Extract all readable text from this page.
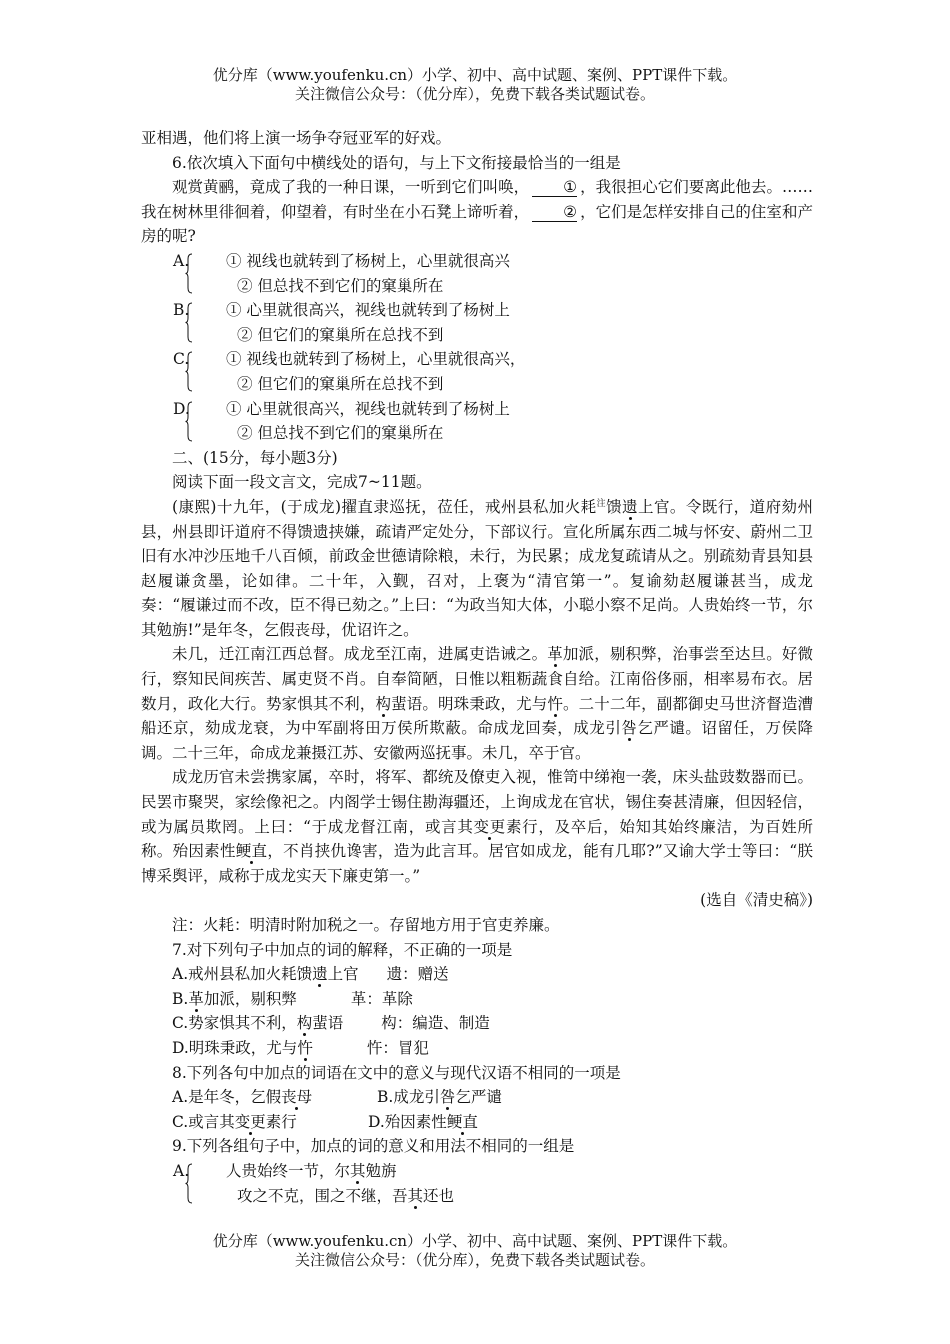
优分库（www.youfenku.cn）小学、初中、高中试题、案例、PPT课件下载。
关注微信公众号：（优分库），免费下载各类试题试卷。

亚相遇，他们将上演一场争夺冠亚军的好戏。

6.依次填入下面句中横线处的语句，与上下文衔接最恰当的一组是

观赏黄鹂，竟成了我的一种日课，一听到它们叫唤， ① ，我很担心它们要离此他去。……我在树林里徘徊着，仰望着，有时坐在小石凳上谛听着， ② ，它们是怎样安排自己的住室和产房的呢?

A.	① 视线也就转到了杨树上，心里就很高兴
② 但总找不到它们的窠巢所在
B.	① 心里就很高兴，视线也就转到了杨树上
② 但它们的窠巢所在总找不到
C.	① 视线也就转到了杨树上，心里就很高兴，
② 但它们的窠巢所在总找不到
D.	① 心里就很高兴，视线也就转到了杨树上
② 但总找不到它们的窠巢所在

二、(15分，每小题3分)

阅读下面一段文言文，完成7~11题。

(康熙)十九年，(于成龙)擢直隶巡抚，莅任，戒州县私加火耗$^注$馈遗上官。令既行，道府劾州县，州县即讦道府不得馈遗挟嫌，疏请严定处分，下部议行。宣化所属东西二城与怀安、蔚州二卫旧有水冲沙压地千八百倾，前政金世德请除粮，未行，为民累；成龙复疏请从之。别疏劾青县知县赵履谦贪墨，论如律。二十年，入觐，召对，上褒为“清官第一”。复谕劾赵履谦甚当，成龙奏：“履谦过而不改，臣不得已劾之。”上曰：“为政当知大体，小聪小察不足尚。人贵始终一节，尔其勉旃!”是年冬，乞假丧母，优诏许之。

未几，迁江南江西总督。成龙至江南，进属吏诰诫之。革加派，剔积弊，治事尝至达旦。好微行，察知民间疾苦、属吏贤不肖。自奉简陋，日惟以粗粝蔬食自给。江南俗侈丽，相率易布衣。居数月，政化大行。势家惧其不利，构蜚语。明珠秉政，尤与忤。二十二年，副都御史马世济督造漕船还京，劾成龙衰，为中军副将田万侯所欺蔽。命成龙回奏，成龙引咎乞严谴。诏留任，万侯降调。二十三年，命成龙兼摄江苏、安徽两巡抚事。未几，卒于官。

成龙历官未尝携家属，卒时，将军、都统及僚吏入视，惟笥中绨袍一袭，床头盐豉数器而已。民罢市聚哭，家绘像祀之。内阁学士锡住勘海疆还，上询成龙在官状，锡住奏甚清廉，但因轻信，或为属员欺罔。上曰：“于成龙督江南，或言其变更素行，及卒后，始知其始终廉洁，为百姓所称。殆因素性鲠直，不肖挟仇谗害，造为此言耳。居官如成龙，能有几耶?”又谕大学士等曰：“朕博采舆评，咸称于成龙实天下廉吏第一。”

(选自《清史稿》)

注：火耗：明清时附加税之一。存留地方用于官吏养廉。

7.对下列句子中加点的词的解释，不正确的一项是

A.戒州县私加火耗馈遗上官 遗：赠送

B.革加派，剔积弊	革：革除

C.势家惧其不利，构蜚语 构：编造、制造

D.明珠秉政，尤与忤	忤：冒犯

8.下列各句中加点的词语在文中的意义与现代汉语不相同的一项是

A.是年冬，乞假丧母	B.成龙引咎乞严谴

C.或言其变更素行	D.殆因素性鲠直

9.下列各组句子中，加点的词的意义和用法不相同的一组是

A.	人贵始终一节，尔其勉旃
攻之不克，围之不继，吾其还也
优分库（www.youfenku.cn）小学、初中、高中试题、案例、PPT课件下载。
关注微信公众号：（优分库），免费下载各类试题试卷。
